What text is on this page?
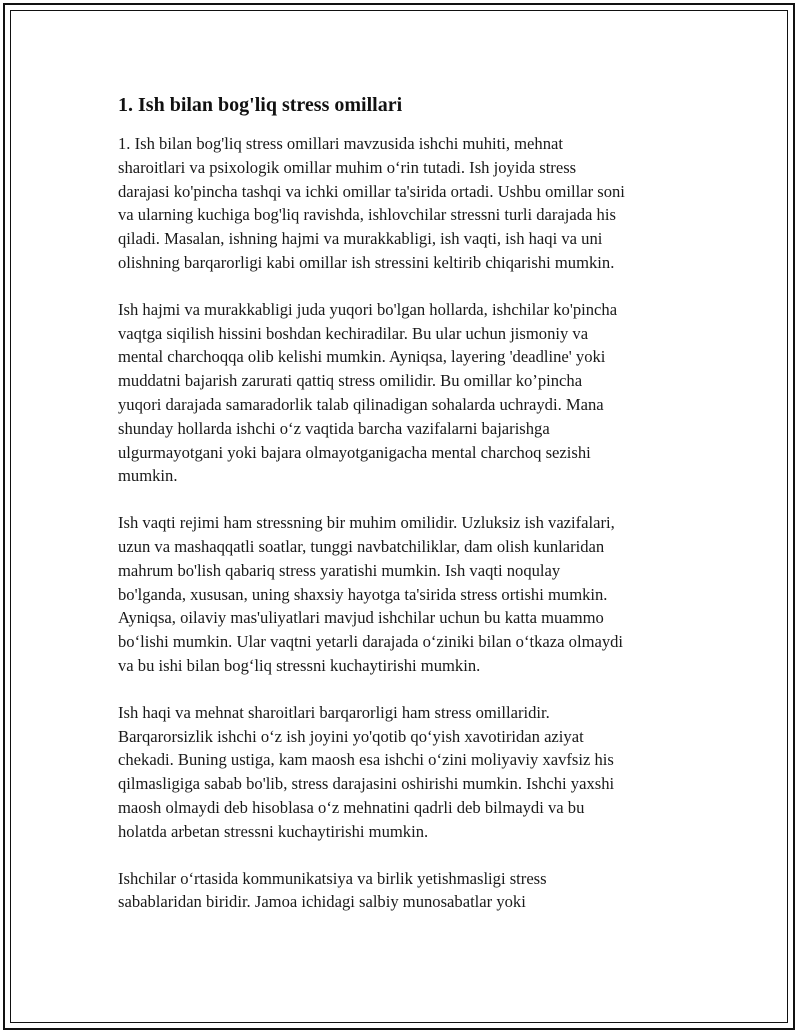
1. Ish bilan bog'liq stress omillari

1. Ish bilan bog'liq stress omillari mavzusida ishchi muhiti, mehnat
sharoitlari va psixologik omillar muhim o‘rin tutadi. Ish joyida stress
darajasi ko'pincha tashqi va ichki omillar ta'sirida ortadi. Ushbu omillar soni
va ularning kuchiga bog'liq ravishda, ishlovchilar stressni turli darajada his
qiladi. Masalan, ishning hajmi va murakkabligi, ish vaqti, ish haqi va uni
olishning barqarorligi kabi omillar ish stressini keltirib chiqarishi mumkin.

Ish hajmi va murakkabligi juda yuqori bo'lgan hollarda, ishchilar ko'pincha
vaqtga siqilish hissini boshdan kechiradilar. Bu ular uchun jismoniy va
mental charchoqqa olib kelishi mumkin. Ayniqsa, layering 'deadline' yoki
muddatni bajarish zarurati qattiq stress omilidir. Bu omillar ko’pincha
yuqori darajada samaradorlik talab qilinadigan sohalarda uchraydi. Mana
shunday hollarda ishchi o‘z vaqtida barcha vazifalarni bajarishga
ulgurmayotgani yoki bajara olmayotganigacha mental charchoq sezishi
mumkin.

Ish vaqti rejimi ham stressning bir muhim omilidir. Uzluksiz ish vazifalari,
uzun va mashaqqatli soatlar, tunggi navbatchiliklar, dam olish kunlaridan
mahrum bo'lish qabariq stress yaratishi mumkin. Ish vaqti noqulay
bo'lganda, xususan, uning shaxsiy hayotga ta'sirida stress ortishi mumkin.
Ayniqsa, oilaviy mas'uliyatlari mavjud ishchilar uchun bu katta muammo
bo‘lishi mumkin. Ular vaqtni yetarli darajada o‘ziniki bilan o‘tkaza olmaydi
va bu ishi bilan bog‘liq stressni kuchaytirishi mumkin.

Ish haqi va mehnat sharoitlari barqarorligi ham stress omillaridir.
Barqarorsizlik ishchi o‘z ish joyini yo'qotib qo‘yish xavotiridan aziyat
chekadi. Buning ustiga, kam maosh esa ishchi o‘zini moliyaviy xavfsiz his
qilmasligiga sabab bo'lib, stress darajasini oshirishi mumkin. Ishchi yaxshi
maosh olmaydi deb hisoblasa o‘z mehnatini qadrli deb bilmaydi va bu
holatda arbetan stressni kuchaytirishi mumkin.

Ishchilar o‘rtasida kommunikatsiya va birlik yetishmasligi stress
sabablaridan biridir. Jamoa ichidagi salbiy munosabatlar yoki
